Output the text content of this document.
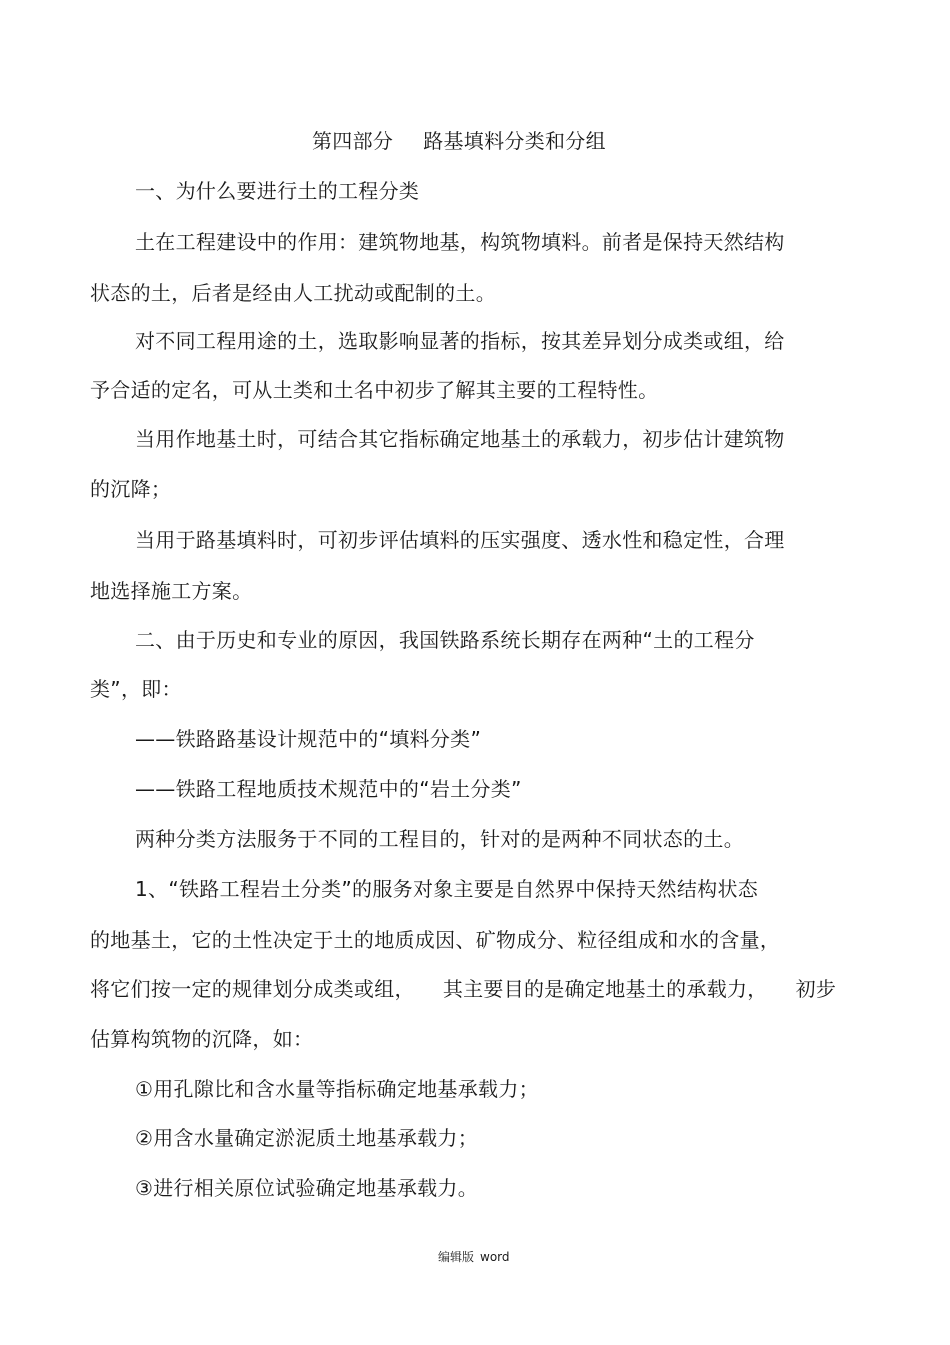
第四部分 路基填料分类和分组
一、为什么要进行土的工程分类
土在工程建设中的作用：建筑物地基，构筑物填料。前者是保持天然结构
状态的土，后者是经由人工扰动或配制的土。
对不同工程用途的土，选取影响显著的指标，按其差异划分成类或组，给
予合适的定名，可从土类和土名中初步了解其主要的工程特性。
当用作地基土时，可结合其它指标确定地基土的承载力，初步估计建筑物
的沉降；
当用于路基填料时，可初步评估填料的压实强度、透水性和稳定性，合理
地选择施工方案。
二、由于历史和专业的原因，我国铁路系统长期存在两种“土的工程分
类”，即：
——铁路路基设计规范中的“填料分类”
——铁路工程地质技术规范中的“岩土分类”
两种分类方法服务于不同的工程目的，针对的是两种不同状态的土。
1、“铁路工程岩土分类”的服务对象主要是自然界中保持天然结构状态
的地基土，它的土性决定于土的地质成因、矿物成分、粒径组成和水的含量，
将它们按一定的规律划分成类或组， 其主要目的是确定地基土的承载力， 初步
估算构筑物的沉降，如：
①用孔隙比和含水量等指标确定地基承载力；
②用含水量确定淤泥质土地基承载力；
③进行相关原位试验确定地基承载力。
编辑版 word
